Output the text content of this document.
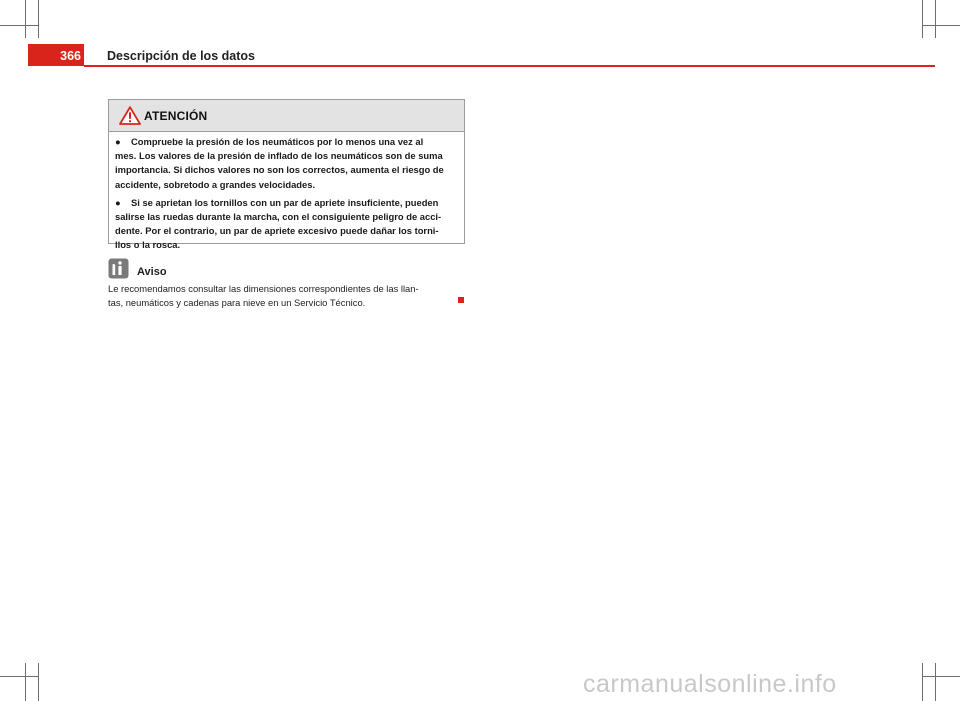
366 Descripción de los datos
ATENCIÓN
● Compruebe la presión de los neumáticos por lo menos una vez al
mes. Los valores de la presión de inflado de los neumáticos son de suma
importancia. Si dichos valores no son los correctos, aumenta el riesgo de
accidente, sobretodo a grandes velocidades.
● Si se aprietan los tornillos con un par de apriete insuficiente, pueden
salirse las ruedas durante la marcha, con el consiguiente peligro de acci-
dente. Por el contrario, un par de apriete excesivo puede dañar los torni-
llos o la rosca.
Aviso
Le recomendamos consultar las dimensiones correspondientes de las llan-
tas, neumáticos y cadenas para nieve en un Servicio Técnico.
carmanualsonline.info
